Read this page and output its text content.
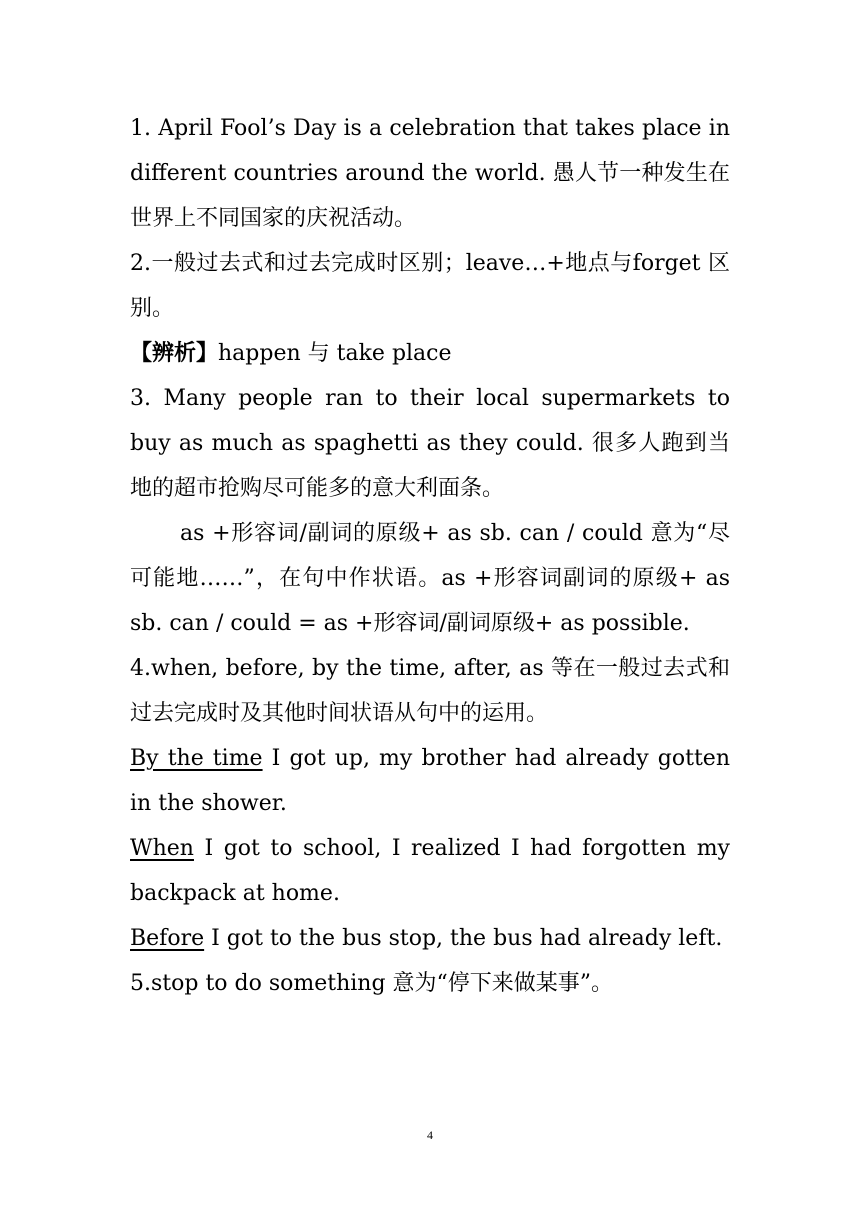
1. April Fool’s Day is a celebration that takes place in different countries around the world. 愚人节一种发生在世界上不同国家的庆祝活动。

2.一般过去式和过去完成时区别；leave…+地点与forget 区别。

【辨析】happen 与 take place

3. Many people ran to their local supermarkets to buy as much as spaghetti as they could. 很多人跑到当地的超市抢购尽可能多的意大利面条。

as +形容词/副词的原级+ as sb. can / could 意为“尽可能地……”，在句中作状语。as +形容词副词的原级+ as sb. can / could = as +形容词/副词原级+ as possible.

4.when, before, by the time, after, as 等在一般过去式和过去完成时及其他时间状语从句中的运用。

By the time I got up, my brother had already gotten in the shower.

When I got to school, I realized I had forgotten my backpack at home.

Before I got to the bus stop, the bus had already left.

5.stop to do something 意为“停下来做某事”。

4
